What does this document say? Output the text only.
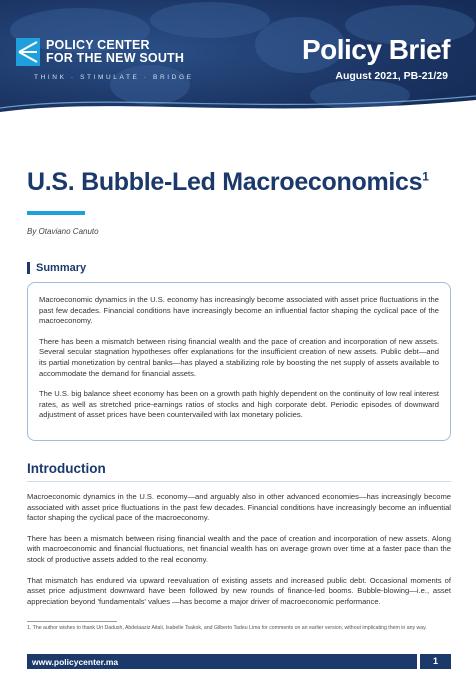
POLICY CENTER
FOR THE NEW SOUTH
THINK · STIMULATE · BRIDGE
Policy Brief
August 2021, PB-21/29
U.S. Bubble-Led Macroeconomics$^1$
By Otaviano Canuto
Summary

Macroeconomic dynamics in the U.S. economy has increasingly become associated with asset price fluctuations in the past few decades. Financial conditions have increasingly become an influential factor shaping the cyclical pace of the macroeconomy.

There has been a mismatch between rising financial wealth and the pace of creation and incorporation of new assets. Several secular stagnation hypotheses offer explanations for the insufficient creation of new assets. Public debt—and its partial monetization by central banks—has played a stabilizing role by boosting the net supply of assets available to accommodate the demand for financial assets.

The U.S. big balance sheet economy has been on a growth path highly dependent on the continuity of low real interest rates, as well as stretched price-earnings ratios of stocks and high corporate debt. Periodic episodes of downward adjustment of asset prices have been countervailed with lax monetary policies.

Introduction

Macroeconomic dynamics in the U.S. economy—and arguably also in other advanced economies—has increasingly become associated with asset price fluctuations in the past few decades. Financial conditions have increasingly become an influential factor shaping the cyclical pace of the macroeconomy.

There has been a mismatch between rising financial wealth and the pace of creation and incorporation of new assets. Along with macroeconomic and financial fluctuations, net financial wealth has on average grown over time at a faster pace than the stock of productive assets added to the real economy.

That mismatch has endured via upward reevaluation of existing assets and increased public debt. Occasional moments of asset price adjustment downward have been followed by new rounds of finance-led booms. Bubble-blowing—i.e., asset appreciation beyond 'fundamentals' values —has become a major driver of macroeconomic performance.

1. The author wishes to thank Uri Dadush, Abdelaaziz Aitali, Isabelle Tsakok, and Gilberto Tadeu Lima for comments on an earlier version, without implicating them in any way.
www.policycenter.ma	1
